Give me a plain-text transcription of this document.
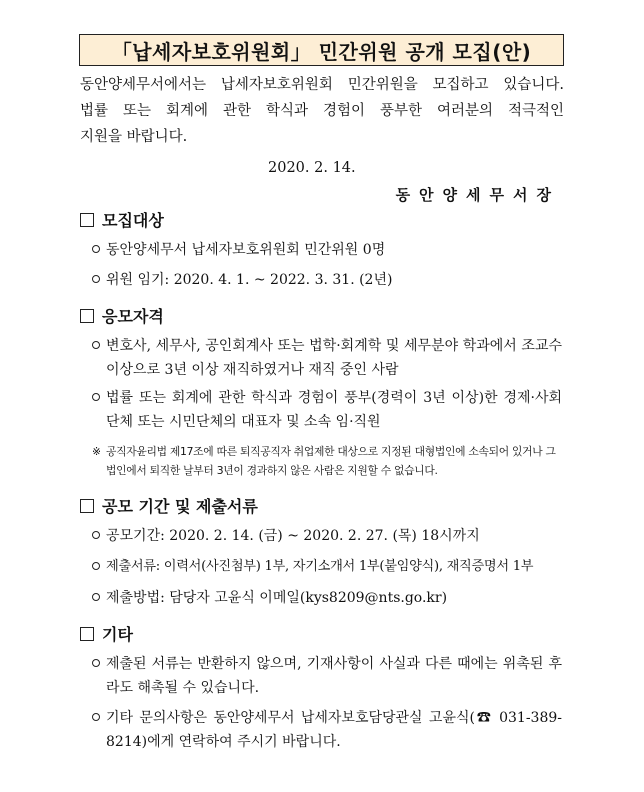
「납세자보호위원회」 민간위원 공개 모집(안)
동안양세무서에서는 납세자보호위원회 민간위원을 모집하고 있습니다.
법률 또는 회계에 관한 학식과 경험이 풍부한 여러분의 적극적인
지원을 바랍니다.
2020. 2. 14.
동안양세무서장
모집대상
동안양세무서 납세자보호위원회 민간위원 0명
위원 임기: 2020. 4. 1. ~ 2022. 3. 31. (2년)
응모자격
변호사, 세무사, 공인회계사 또는 법학·회계학 및 세무분야 학과에서 조교수 이상으로 3년 이상 재직하였거나 재직 중인 사람
법률 또는 회계에 관한 학식과 경험이 풍부(경력이 3년 이상)한 경제·사회단체 또는 시민단체의 대표자 및 소속 임·직원
※ 공직자윤리법 제17조에 따른 퇴직공직자 취업제한 대상으로 지정된 대형법인에 소속되어 있거나 그 법인에서 퇴직한 날부터 3년이 경과하지 않은 사람은 지원할 수 없습니다.
공모 기간 및 제출서류
공모기간: 2020. 2. 14. (금) ~ 2020. 2. 27. (목) 18시까지
제출서류: 이력서(사진첨부) 1부, 자기소개서 1부(붙임양식), 재직증명서 1부
제출방법: 담당자 고윤식 이메일(kys8209@nts.go.kr)
기타
제출된 서류는 반환하지 않으며, 기재사항이 사실과 다른 때에는 위촉된 후라도 해촉될 수 있습니다.
기타 문의사항은 동안양세무서 납세자보호담당관실 고윤식(☎ 031-389-8214)에게 연락하여 주시기 바랍니다.
